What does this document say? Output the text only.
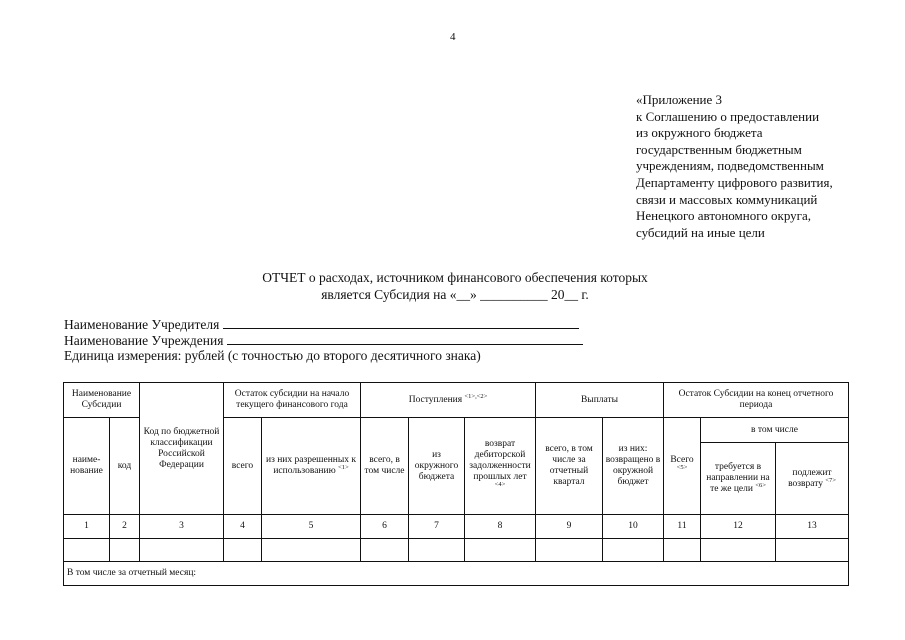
4
«Приложение 3
к Соглашению о предоставлении
из окружного бюджета
государственным бюджетным
учреждениям, подведомственным
Департаменту цифрового развития,
связи и массовых коммуникаций
Ненецкого автономного округа,
субсидий на иные цели
ОТЧЕТ о расходах, источником финансового обеспечения которых
является Субсидия на «__» __________ 20__ г.
Наименование Учредителя
Наименование Учреждения
Единица измерения: рублей (с точностью до второго десятичного знака)
Наименование Субсидии		Код по бюджетной классификации Российской Федерации	Остаток субсидии на начало текущего финансового года		Поступления $^{<1>,<2>}$			Выплаты		Остаток Субсидии на конец отчетного периода		
наиме-нование	код		всего	из них разрешенных к использованию $^{<1>}$	всего, в том числе	из окружного бюджета	возврат дебиторской задолженности прошлых лет $^{<4>}$	всего, в том числе за отчетный квартал	из них: возвращено в окружной бюджет	Всего $^{<5>}$	в том числе	
											требуется в направлении на те же цели $^{<6>}$	подлежит возврату $^{<7>}$
1	2	3	4	5	6	7	8	9	10	11	12	13

В том числе за отчетный месяц:												
